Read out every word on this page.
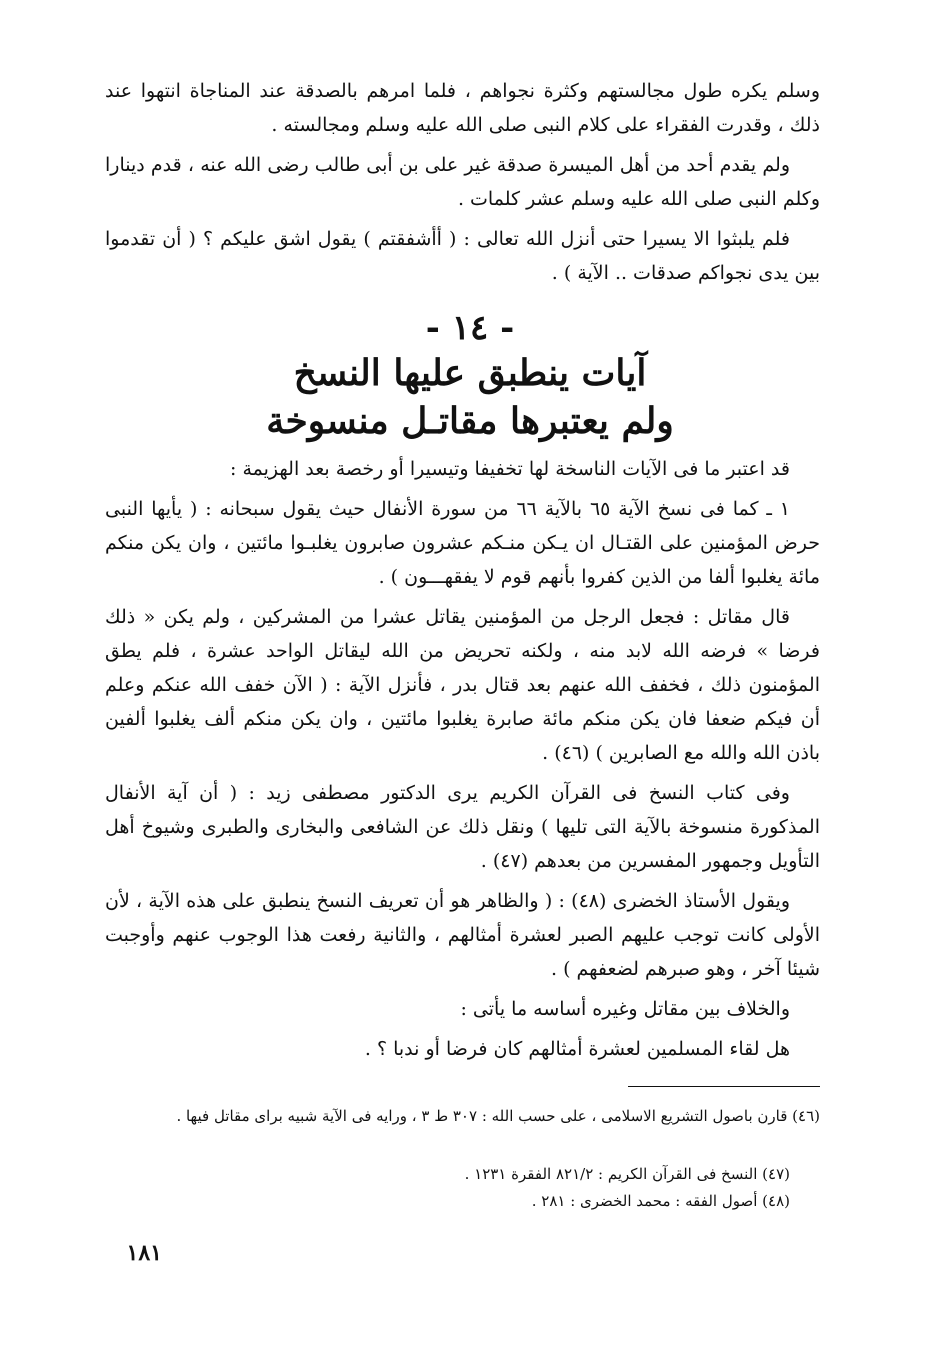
وسلم يكره طول مجالستهم وكثرة نجواهم ، فلما امرهم بالصدقة عند المناجاة انتهوا عند ذلك ، وقدرت الفقراء على كلام النبى صلى الله عليه وسلم ومجالسته .

ولم يقدم أحد من أهل الميسرة صدقة غير على بن أبى طالب رضى الله عنه ، قدم دينارا وكلم النبى صلى الله عليه وسلم عشر كلمات .

فلم يلبثوا الا يسيرا حتى أنزل الله تعالى : ( أأشفقتم ) يقول اشق عليكم ؟ ( أن تقدموا بين يدى نجواكم صدقات .. الآية ) .

- ١٤ -
آيات ينطبق عليها النسخ
ولم يعتبرها مقاتـل منسوخة

قد اعتبر ما فى الآيات الناسخة لها تخفيفا وتيسيرا أو رخصة بعد الهزيمة :

١ ـ كما فى نسخ الآية ٦٥ بالآية ٦٦ من سورة الأنفال حيث يقول سبحانه : ( يأيها النبى حرض المؤمنين على القتـال ان يـكن منـكم عشرون صابرون يغلبـوا مائتين ، وان يكن منكم مائة يغلبوا ألفا من الذين كفروا بأنهم قوم لا يفقهـــون ) .

قال مقاتل : فجعل الرجل من المؤمنين يقاتل عشرا من المشركين ، ولم يكن « ذلك فرضا » فرضه الله لابد منه ، ولكنه تحريض من الله ليقاتل الواحد عشرة ، فلم يطق المؤمنون ذلك ، فخفف الله عنهم بعد قتال بدر ، فأنزل الآية : ( الآن خفف الله عنكم وعلم أن فيكم ضعفا فان يكن منكم مائة صابرة يغلبوا مائتين ، وان يكن منكم ألف يغلبوا ألفين باذن الله والله مع الصابرين ) (٤٦) .

وفى كتاب النسخ فى القرآن الكريم يرى الدكتور مصطفى زيد : ( أن آية الأنفال المذكورة منسوخة بالآية التى تليها ) ونقل ذلك عن الشافعى والبخارى والطبرى وشيوخ أهل التأويل وجمهور المفسرين من بعدهم (٤٧) .

ويقول الأستاذ الخضرى (٤٨) : ( والظاهر هو أن تعريف النسخ ينطبق على هذه الآية ، لأن الأولى كانت توجب عليهم الصبر لعشرة أمثالهم ، والثانية رفعت هذا الوجوب عنهم وأوجبت شيئا آخر ، وهو صبرهم لضعفهم ) .

والخلاف بين مقاتل وغيره أساسه ما يأتى :

هل لقاء المسلمين لعشرة أمثالهم كان فرضا أو ندبا ؟ .

(٤٦) قارن باصول التشريع الاسلامى ، على حسب الله : ٣٠٧ ط ٣ ، ورايه فى الآية شبيه براى مقاتل فيها .
(٤٧) النسخ فى القرآن الكريم : ٨٢١/٢ الفقرة ١٢٣١ .
(٤٨) أصول الفقه : محمد الخضرى : ٢٨١ .
١٨١
